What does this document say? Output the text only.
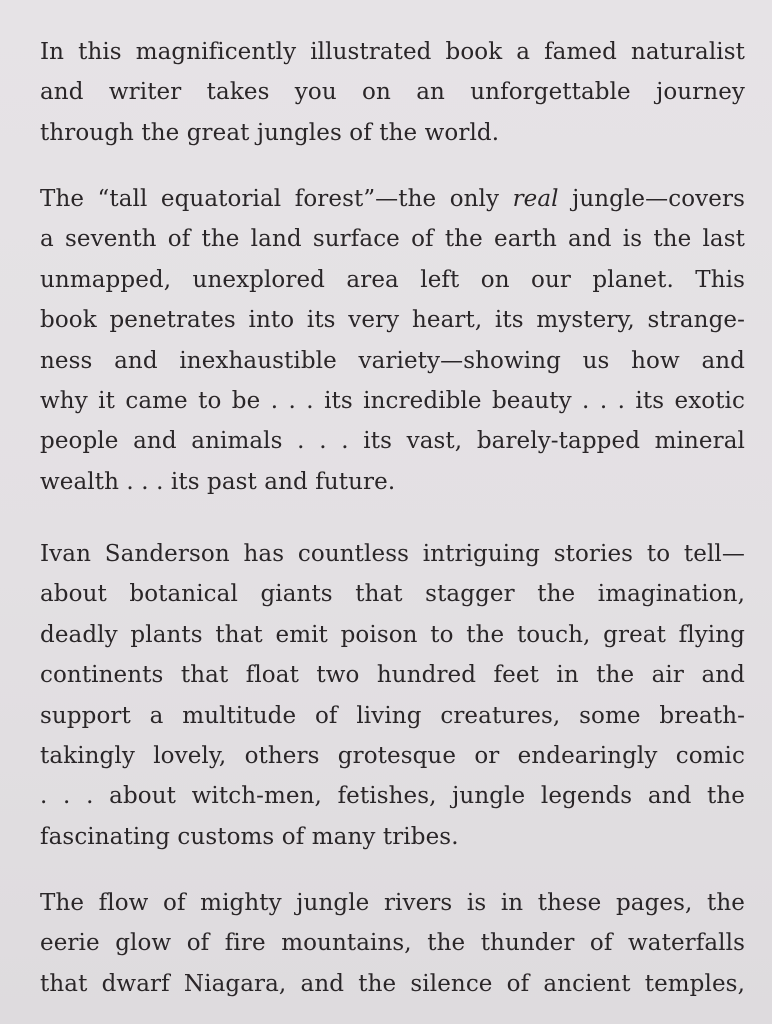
In this magnificently illustrated book a famed naturalist
and writer takes you on an unforgettable journey
through the great jungles of the world.

The “tall equatorial forest”—the only real jungle—covers
a seventh of the land surface of the earth and is the last
unmapped, unexplored area left on our planet. This
book penetrates into its very heart, its mystery, strange-
ness and inexhaustible variety—showing us how and
why it came to be . . . its incredible beauty . . . its exotic
people and animals . . . its vast, barely-tapped mineral
wealth . . . its past and future.

Ivan Sanderson has countless intriguing stories to tell—
about botanical giants that stagger the imagination,
deadly plants that emit poison to the touch, great flying
continents that float two hundred feet in the air and
support a multitude of living creatures, some breath-
takingly lovely, others grotesque or endearingly comic
. . . about witch-men, fetishes, jungle legends and the
fascinating customs of many tribes.

The flow of mighty jungle rivers is in these pages, the
eerie glow of fire mountains, the thunder of waterfalls
that dwarf Niagara, and the silence of ancient temples,
